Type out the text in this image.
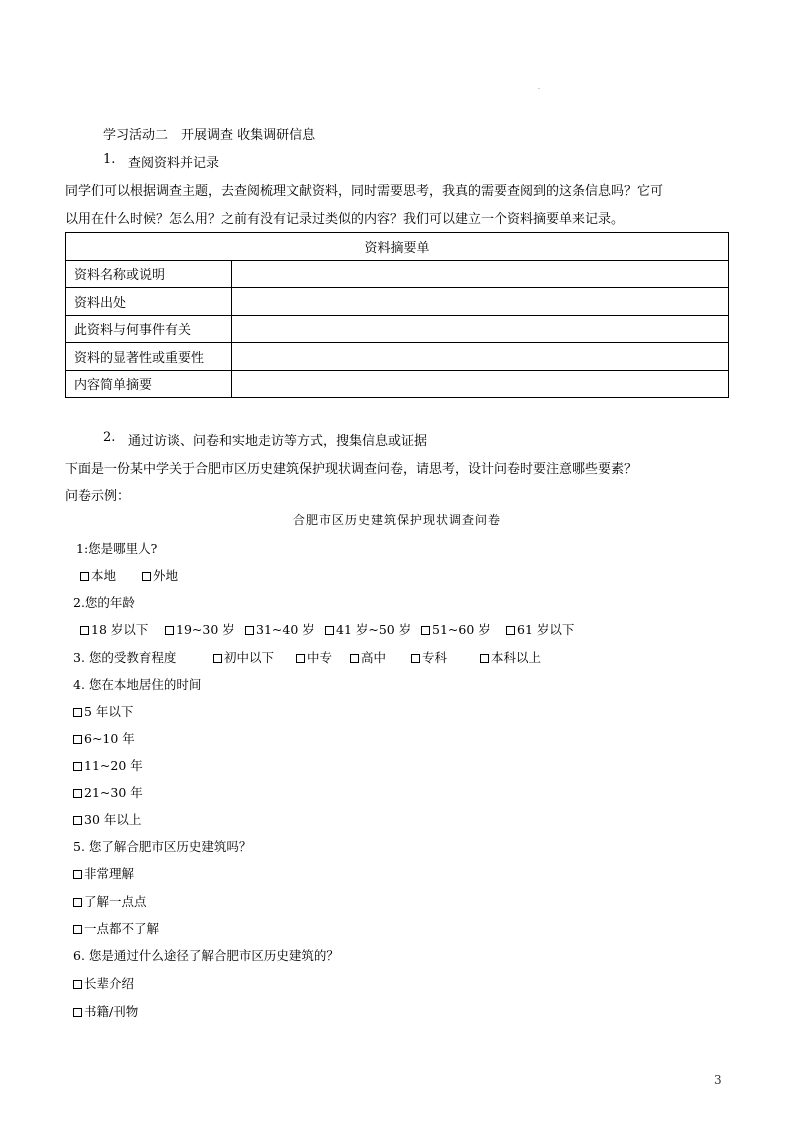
·
学习活动二　开展调查 收集调研信息
1. 查阅资料并记录
同学们可以根据调查主题，去查阅梳理文献资料，同时需要思考，我真的需要查阅到的这条信息吗？它可
以用在什么时候？怎么用？之前有没有记录过类似的内容？我们可以建立一个资料摘要单来记录。
资料摘要单	
资料名称或说明	
资料出处	
此资料与何事件有关	
资料的显著性或重要性	
内容简单摘要	
2. 通过访谈、问卷和实地走访等方式，搜集信息或证据
下面是一份某中学关于合肥市区历史建筑保护现状调查问卷，请思考，设计问卷时要注意哪些要素？
问卷示例：
合肥市区历史建筑保护现状调查问卷
1:您是哪里人?
本地	外地
2.您的年龄
18 岁以下	19~30 岁	31~40 岁	41 岁~50 岁	51~60 岁	61 岁以下
3. 您的受教育程度	初中以下	中专	高中	专科	本科以上
4. 您在本地居住的时间
5 年以下
6~10 年
11~20 年
21~30 年
30 年以上
5. 您了解合肥市区历史建筑吗？
非常理解
了解一点点
一点都不了解
6. 您是通过什么途径了解合肥市区历史建筑的？
长辈介绍
书籍/刊物
3
